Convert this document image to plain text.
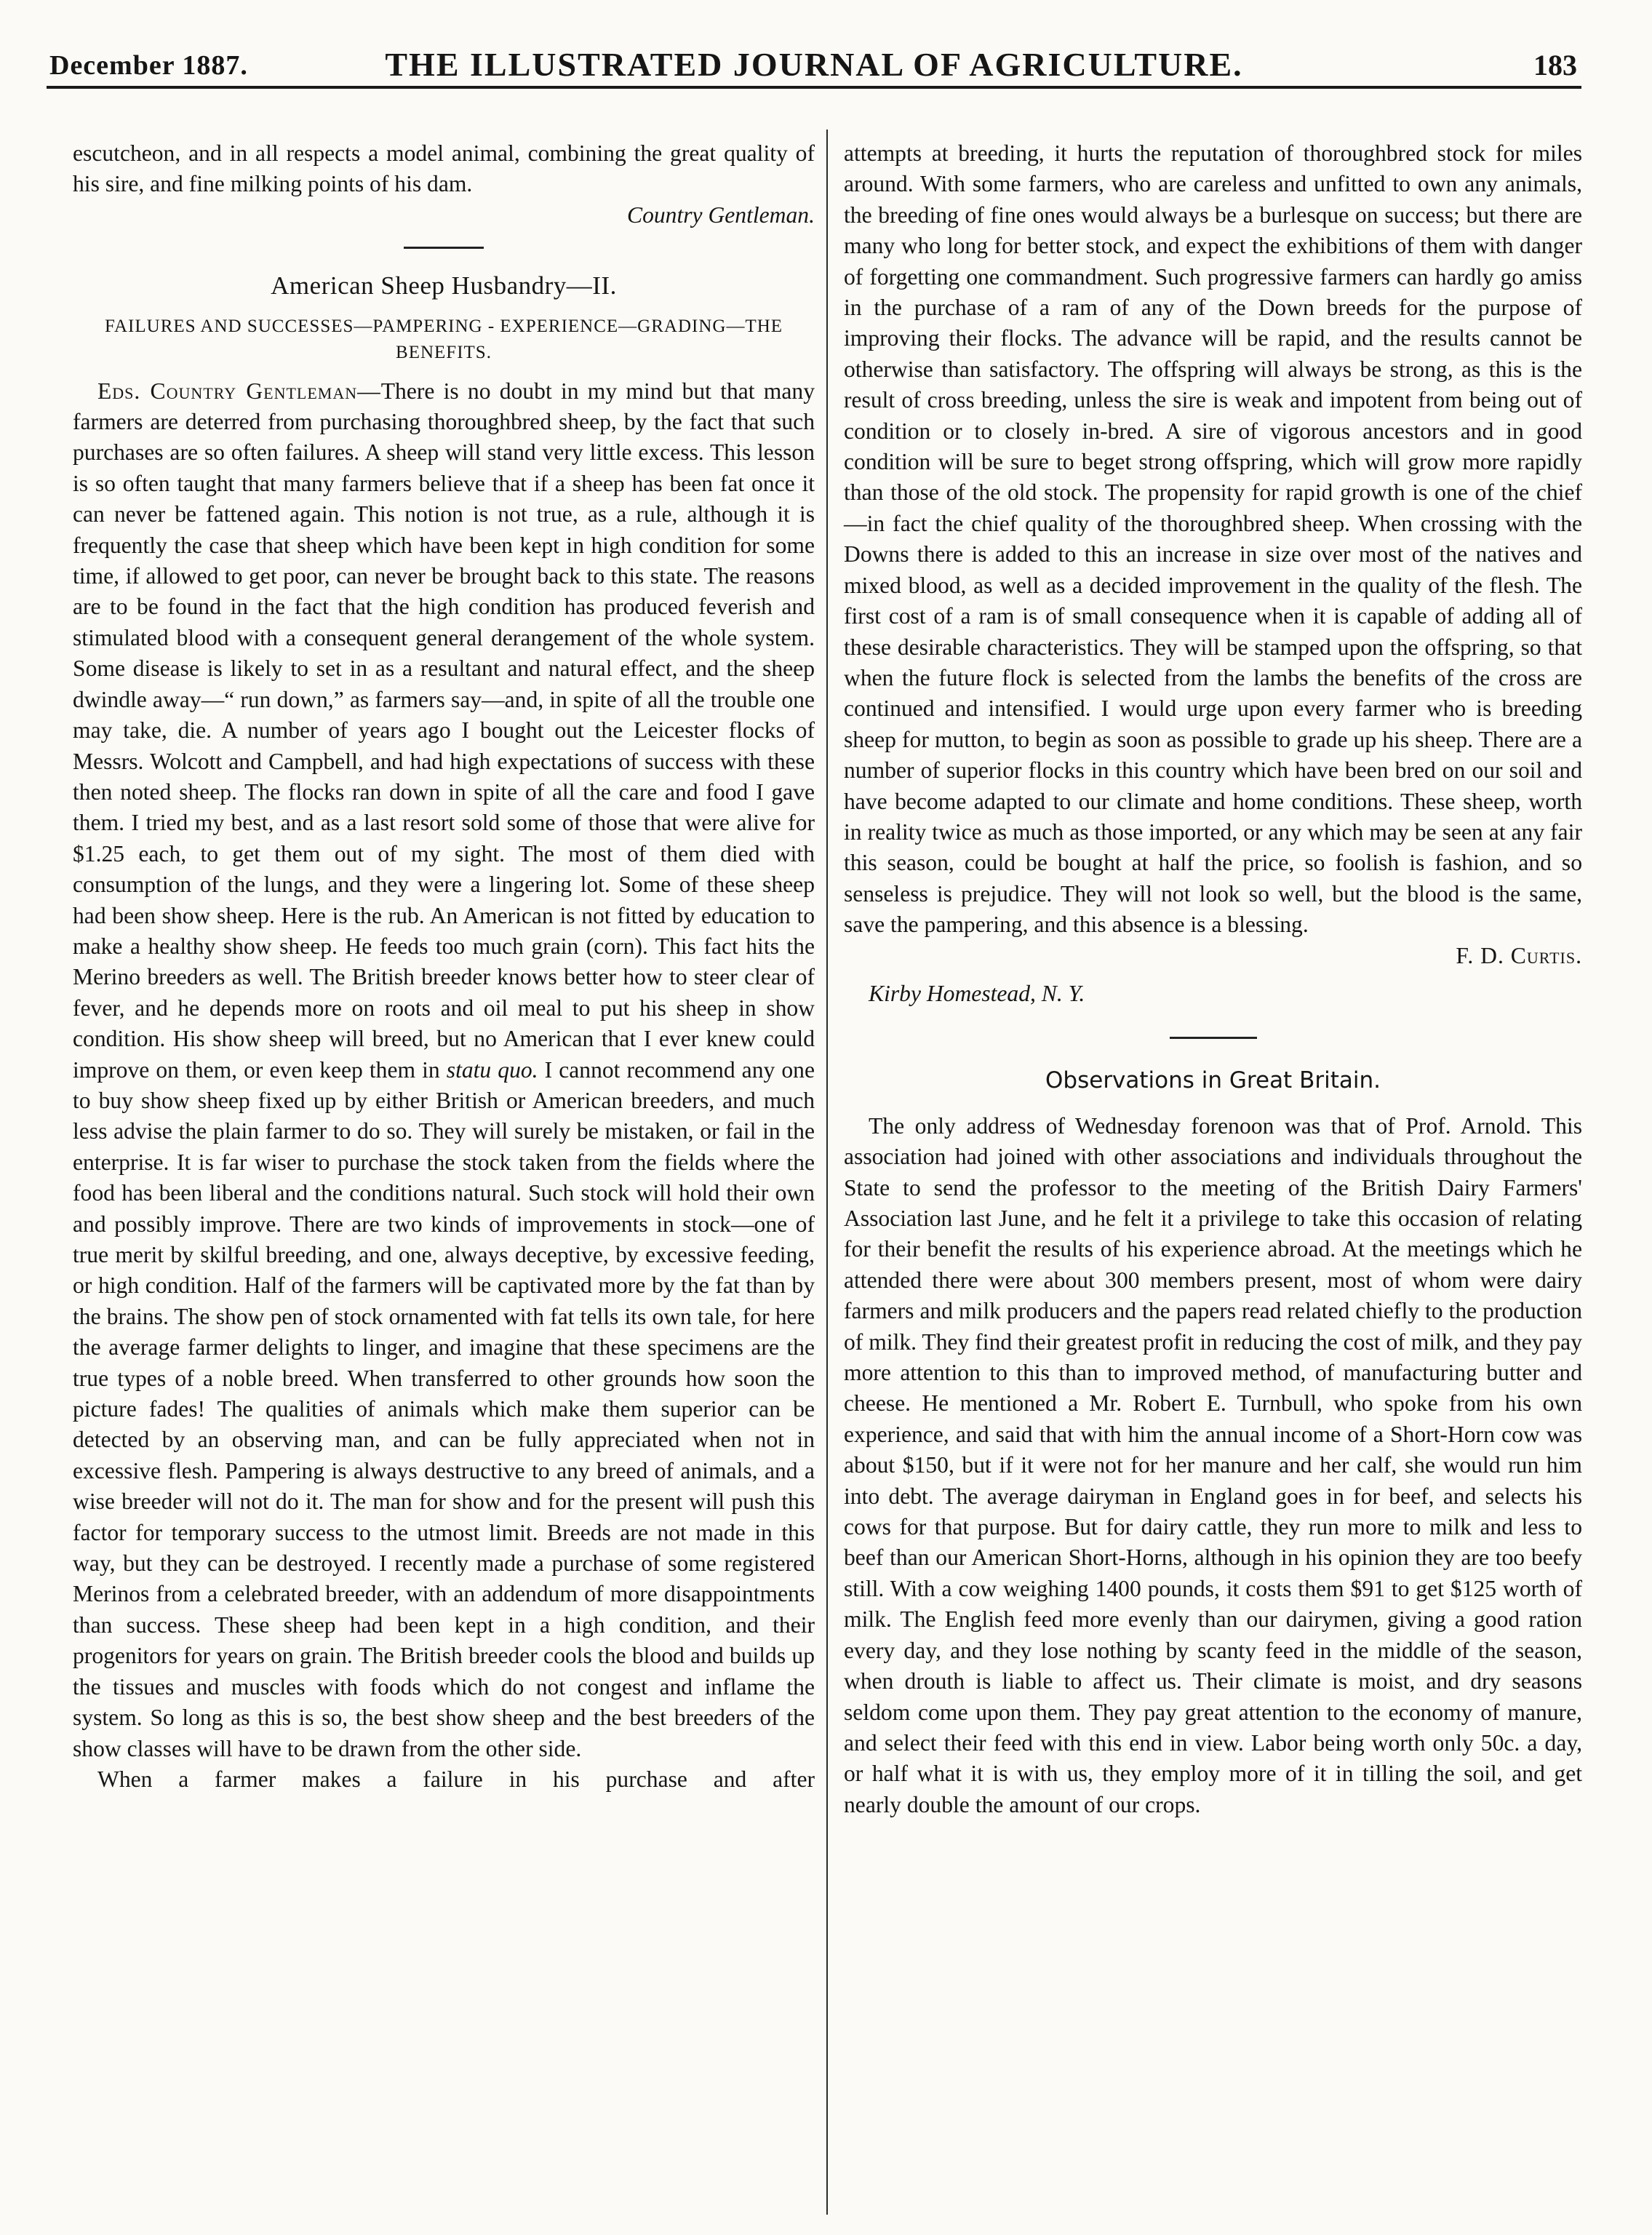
December 1887.	THE ILLUSTRATED JOURNAL OF AGRICULTURE.	183

escutcheon, and in all respects a model animal, combining the great quality of his sire, and fine milking points of his dam.

Country Gentleman.

American Sheep Husbandry—II.
FAILURES AND SUCCESSES—PAMPERING - EXPERIENCE—GRADING—THE BENEFITS.

Eds. Country Gentleman—There is no doubt in my mind but that many farmers are deterred from purchasing thoroughbred sheep, by the fact that such purchases are so often failures. A sheep will stand very little excess. This lesson is so often taught that many farmers believe that if a sheep has been fat once it can never be fattened again. This notion is not true, as a rule, although it is frequently the case that sheep which have been kept in high condition for some time, if allowed to get poor, can never be brought back to this state. The reasons are to be found in the fact that the high condition has produced feverish and stimulated blood with a consequent general derangement of the whole system. Some disease is likely to set in as a resultant and natural effect, and the sheep dwindle away—“ run down,” as farmers say—and, in spite of all the trouble one may take, die. A number of years ago I bought out the Leicester flocks of Messrs. Wolcott and Campbell, and had high expectations of success with these then noted sheep. The flocks ran down in spite of all the care and food I gave them. I tried my best, and as a last resort sold some of those that were alive for $1.25 each, to get them out of my sight. The most of them died with consumption of the lungs, and they were a lingering lot. Some of these sheep had been show sheep. Here is the rub. An American is not fitted by education to make a healthy show sheep. He feeds too much grain (corn). This fact hits the Merino breeders as well. The British breeder knows better how to steer clear of fever, and he depends more on roots and oil meal to put his sheep in show condition. His show sheep will breed, but no American that I ever knew could improve on them, or even keep them in statu quo. I cannot recommend any one to buy show sheep fixed up by either British or American breeders, and much less advise the plain farmer to do so. They will surely be mistaken, or fail in the enterprise. It is far wiser to purchase the stock taken from the fields where the food has been liberal and the conditions natural. Such stock will hold their own and possibly improve. There are two kinds of improvements in stock—one of true merit by skilful breeding, and one, always deceptive, by excessive feeding, or high condition. Half of the farmers will be captivated more by the fat than by the brains. The show pen of stock ornamented with fat tells its own tale, for here the average farmer delights to linger, and imagine that these specimens are the true types of a noble breed. When transferred to other grounds how soon the picture fades! The qualities of animals which make them superior can be detected by an observing man, and can be fully appreciated when not in excessive flesh. Pampering is always destructive to any breed of animals, and a wise breeder will not do it. The man for show and for the present will push this factor for temporary success to the utmost limit. Breeds are not made in this way, but they can be destroyed. I recently made a purchase of some registered Merinos from a celebrated breeder, with an addendum of more disappointments than success. These sheep had been kept in a high condition, and their progenitors for years on grain. The British breeder cools the blood and builds up the tissues and muscles with foods which do not congest and inflame the system. So long as this is so, the best show sheep and the best breeders of the show classes will have to be drawn from the other side.

When a farmer makes a failure in his purchase and after

attempts at breeding, it hurts the reputation of thoroughbred stock for miles around. With some farmers, who are careless and unfitted to own any animals, the breeding of fine ones would always be a burlesque on success; but there are many who long for better stock, and expect the exhibitions of them with danger of forgetting one commandment. Such progressive farmers can hardly go amiss in the purchase of a ram of any of the Down breeds for the purpose of improving their flocks. The advance will be rapid, and the results cannot be otherwise than satisfactory. The offspring will always be strong, as this is the result of cross breeding, unless the sire is weak and impotent from being out of condition or to closely in-bred. A sire of vigorous ancestors and in good condition will be sure to beget strong offspring, which will grow more rapidly than those of the old stock. The propensity for rapid growth is one of the chief—in fact the chief quality of the thoroughbred sheep. When crossing with the Downs there is added to this an increase in size over most of the natives and mixed blood, as well as a decided improvement in the quality of the flesh. The first cost of a ram is of small consequence when it is capable of adding all of these desirable characteristics. They will be stamped upon the offspring, so that when the future flock is selected from the lambs the benefits of the cross are continued and intensified. I would urge upon every farmer who is breeding sheep for mutton, to begin as soon as possible to grade up his sheep. There are a number of superior flocks in this country which have been bred on our soil and have become adapted to our climate and home conditions. These sheep, worth in reality twice as much as those imported, or any which may be seen at any fair this season, could be bought at half the price, so foolish is fashion, and so senseless is prejudice. They will not look so well, but the blood is the same, save the pampering, and this absence is a blessing.

F. D. Curtis.

Kirby Homestead, N. Y.

Observations in Great Britain.

The only address of Wednesday forenoon was that of Prof. Arnold. This association had joined with other associations and individuals throughout the State to send the professor to the meeting of the British Dairy Farmers' Association last June, and he felt it a privilege to take this occasion of relating for their benefit the results of his experience abroad. At the meetings which he attended there were about 300 members present, most of whom were dairy farmers and milk producers and the papers read related chiefly to the production of milk. They find their greatest profit in reducing the cost of milk, and they pay more attention to this than to improved method, of manufacturing butter and cheese. He mentioned a Mr. Robert E. Turnbull, who spoke from his own experience, and said that with him the annual income of a Short-Horn cow was about $150, but if it were not for her manure and her calf, she would run him into debt. The average dairyman in England goes in for beef, and selects his cows for that purpose. But for dairy cattle, they run more to milk and less to beef than our American Short-Horns, although in his opinion they are too beefy still. With a cow weighing 1400 pounds, it costs them $91 to get $125 worth of milk. The English feed more evenly than our dairymen, giving a good ration every day, and they lose nothing by scanty feed in the middle of the season, when drouth is liable to affect us. Their climate is moist, and dry seasons seldom come upon them. They pay great attention to the economy of manure, and select their feed with this end in view. Labor being worth only 50c. a day, or half what it is with us, they employ more of it in tilling the soil, and get nearly double the amount of our crops.
